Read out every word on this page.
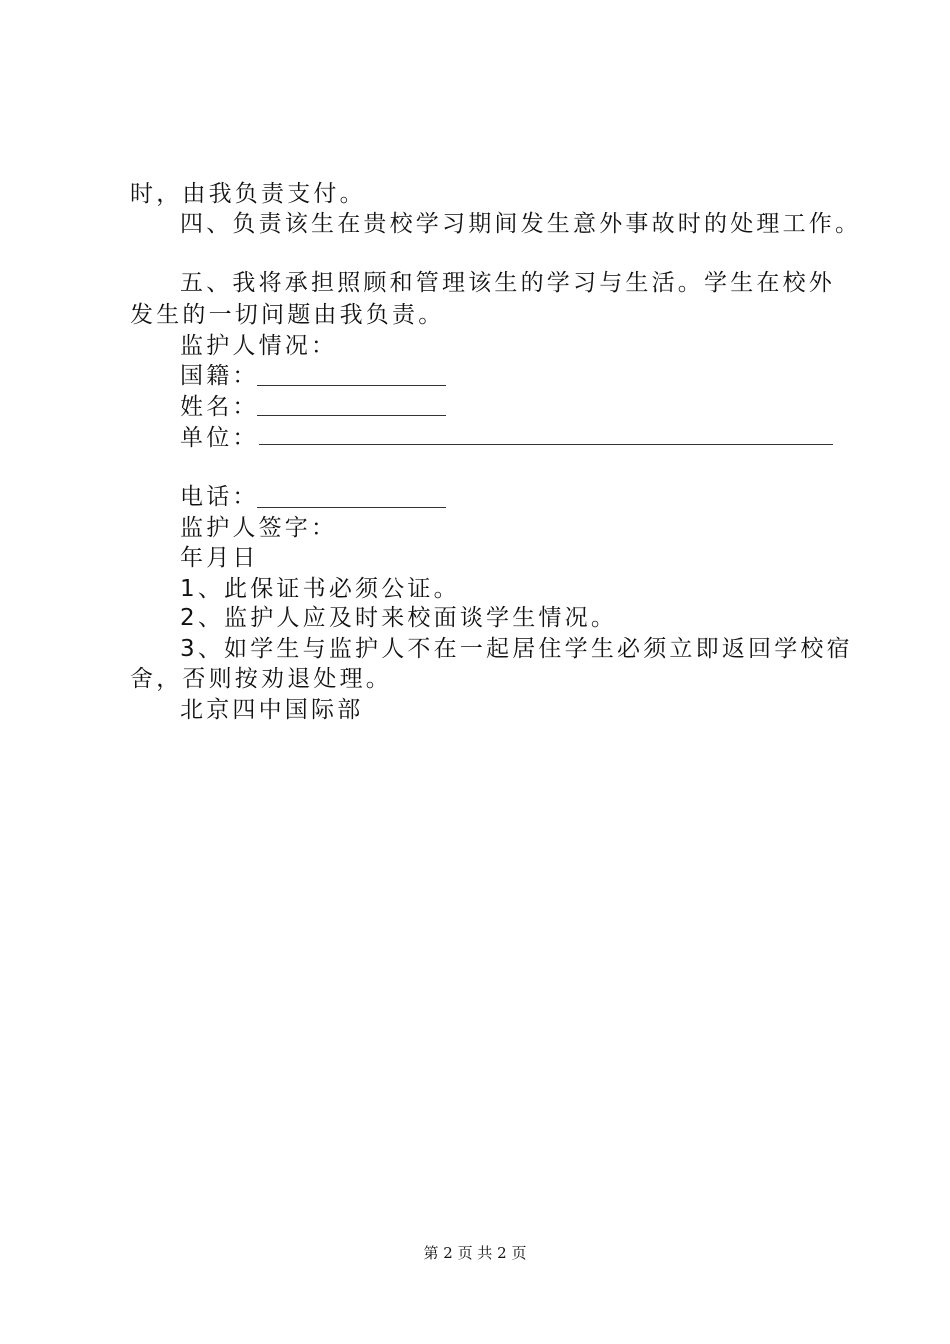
时，由我负责支付。
四、负责该生在贵校学习期间发生意外事故时的处理工作。
五、我将承担照顾和管理该生的学习与生活。学生在校外
发生的一切问题由我负责。
监护人情况：
国籍：
姓名：
单位：
电话：
监护人签字：
年月日
1、此保证书必须公证。
2、监护人应及时来校面谈学生情况。
3、如学生与监护人不在一起居住学生必须立即返回学校宿
舍，否则按劝退处理。
北京四中国际部
第 2 页 共 2 页
